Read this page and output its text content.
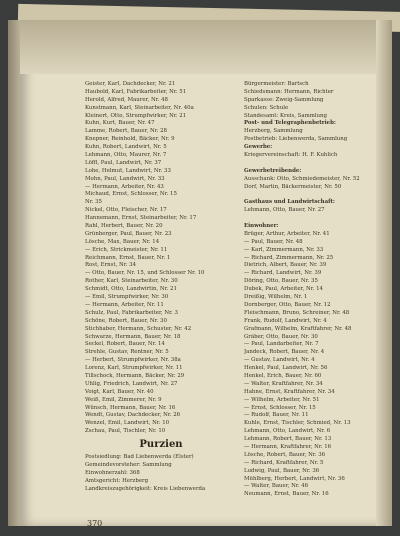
Geister, Karl, Dachdecker, Nr. 21
Haubold, Karl, Fabrikarbeiter, Nr. 51
Herold, Alfred, Maurer, Nr. 48
Kunstmann, Karl, Steinarbeiter, Nr. 40a
Kleinert, Otto, Strumpfwirker, Nr. 21
Kuhn, Kurt, Bauer, Nr. 47
Lamme, Robert, Bauer, Nr. 28
Knepner, Reinhold, Bäcker, Nr. 9
Kuhn, Robert, Landwirt, Nr. 5
Lehmann, Otto, Maurer, Nr. 7
Löffl, Paul, Landwirt, Nr. 37
Lohe, Helmut, Landwirt, Nr. 33
Mohn, Paul, Landwirt, Nr. 33
— Hermann, Arbeiter, Nr. 43
Michaud, Ernst, Schlosser, Nr. 15
Nr. 35
Nickel, Otto, Fleischer, Nr. 17
Hannemann, Ernst, Steinarbeiter, Nr. 17
Rahl, Herbert, Bauer, Nr. 20
Grünberger, Paul, Bauer, Nr. 23
Lösche, Max, Bauer, Nr. 14
— Erich, Strickmeister, Nr. 11
Reichmann, Ernst, Bauer, Nr. 1
Rost, Ernst, Nr. 34
— Otto, Bauer, Nr. 15, und Schlosser Nr. 10
Rother, Karl, Steinarbeiter, Nr. 30
Schmidt, Otto, Landwirtin, Nr. 21
— Emil, Strumpfwirker, Nr. 30
— Hermann, Arbeiter, Nr. 11
Schulz, Paul, Fabrikarbeiter, Nr. 3
Schöne, Robert, Bauer, Nr. 30
Stichhaber, Hermann, Schuster, Nr. 42
Schwarze, Hermann, Bauer, Nr. 18
Seckel, Robert, Bauer, Nr. 14
Strehle, Gustav, Rentner, Nr. 5
— Herbert, Strumpfwirker, Nr. 38a
Lorenz, Karl, Strumpfwirker, Nr. 11
Tillschock, Hermann, Bäcker, Nr. 29
Uhlig, Friedrich, Landwirt, Nr. 27
Voigt, Karl, Bauer, Nr. 40
Weiß, Emil, Zimmerer, Nr. 9
Wünsch, Hermann, Bauer, Nr. 16
Wendt, Gustav, Dachdecker, Nr. 26
Wenzel, Emil, Landwirt, Nr. 10
Zschau, Paul, Tischler, Nr. 10
Purzien
Postsiedlung: Bad Liebenwerda (Elster)
Gemeindevorsteher: Sammlung
Einwohnerzahl: 368
Amtsgericht: Herzberg
Landkreiszugehörigkeit: Kreis Liebenwerda
Bürgermeister: Bartsch
Schiedsmann: Hermann, Richter
Sparkasse: Zweig-Sammlung
Schulen: Schule
Standesamt: Kreis, Sammlung
Post- und Telegraphenbetrieb:
Herzberg, Sammlung
Postbetrieb: Liebenwerda, Sammlung
Gewerbe:
Kriegervereinschaft: H. F. Kuhlich
Gewerbetreibende:
Ausschank: Otto, Schmiedemeister, Nr. 52
Dorf, Martin, Bäckermeister, Nr. 50
Gasthaus und Landwirtschaft:
Lehmann, Otto, Bauer, Nr. 27
Einwohner:
Brüger, Arthur, Arbeiter, Nr. 41
— Paul, Bauer, Nr. 48
— Karl, Zimmermann, Nr. 33
— Richard, Zimmermann, Nr. 25
Dietrich, Albert, Bauer, Nr. 39
— Richard, Landwirt, Nr. 39
Döring, Otto, Bauer, Nr. 35
Dubek, Paul, Arbeiter, Nr. 14
Dreißig, Wilhelm, Nr. 1
Dornberger, Otto, Bauer, Nr. 12
Fleischmann, Bruno, Schreiner, Nr. 48
Frank, Rudolf, Landwirt, Nr. 4
Grafmann, Wilhelm, Kraftfahrer, Nr. 48
Gräber, Otto, Bauer, Nr. 30
— Paul, Landarbeiter, Nr. 7
Jandeck, Robert, Bauer, Nr. 4
— Gustav, Landwirt, Nr. 4
Henkel, Paul, Landwirt, Nr. 56
Henkel, Erich, Bauer, Nr. 60
— Walter, Kraftfahrer, Nr. 34
Hahne, Ernst, Kraftfahrer, Nr. 34
— Wilhelm, Arbeiter, Nr. 51
— Ernst, Schlosser, Nr. 15
— Rudolf, Bauer, Nr. 11
Kuhle, Ernst, Tischler, Schmied, Nr. 13
Lehmann, Otto, Landwirt, Nr. 6
Lehmann, Robert, Bauer, Nr. 13
— Hermann, Kraftfahrer, Nr. 16
Lösche, Robert, Bauer, Nr. 36
— Richard, Kraftfahrer, Nr. 5
Ludwig, Paul, Bauer, Nr. 36
Mühlberg, Herbert, Landwirt, Nr. 36
— Walter, Bauer, Nr. 46
Neumann, Ernst, Bauer, Nr. 16
370
